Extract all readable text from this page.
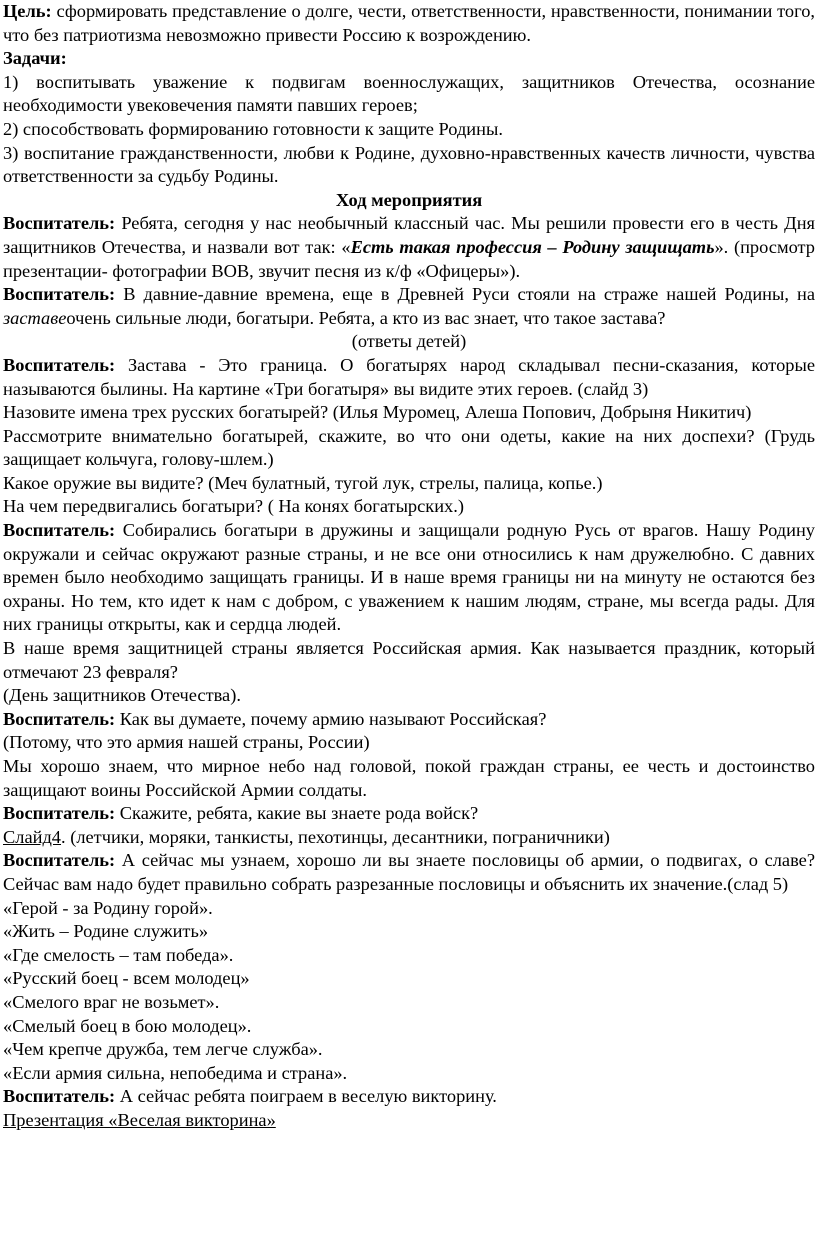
Цель: сформировать представление о долге, чести, ответственности, нравственности, понимании того, что без патриотизма невозможно привести Россию к возрождению.

Задачи:

1) воспитывать уважение к подвигам военнослужащих, защитников Отечества, осознание необходимости увековечения памяти павших героев;

2) способствовать формированию готовности к защите Родины.

3) воспитание гражданственности, любви к Родине, духовно-нравственных качеств личности, чувства ответственности за судьбу Родины.

Ход мероприятия

Воспитатель: Ребята, сегодня у нас необычный классный час. Мы решили провести его в честь Дня защитников Отечества, и назвали вот так: «Есть такая профессия – Родину защищать». (просмотр презентации- фотографии ВОВ, звучит песня из к/ф «Офицеры»).

Воспитатель: В давние-давние времена, еще в Древней Руси стояли на страже нашей Родины, на заставеочень сильные люди, богатыри. Ребята, а кто из вас знает, что такое застава?

(ответы детей)

Воспитатель: Застава - Это граница. О богатырях народ складывал песни-сказания, которые называются былины. На картине «Три богатыря» вы видите этих героев. (слайд 3)

Назовите имена трех русских богатырей? (Илья Муромец, Алеша Попович, Добрыня Никитич)

Рассмотрите внимательно богатырей, скажите, во что они одеты, какие на них доспехи? (Грудь защищает кольчуга, голову-шлем.)

Какое оружие вы видите? (Меч булатный, тугой лук, стрелы, палица, копье.)

На чем передвигались богатыри? ( На конях богатырских.)

Воспитатель: Собирались богатыри в дружины и защищали родную Русь от врагов. Нашу Родину окружали и сейчас окружают разные страны, и не все они относились к нам дружелюбно. С давних времен было необходимо защищать границы. И в наше время границы ни на минуту не остаются без охраны. Но тем, кто идет к нам с добром, с уважением к нашим людям, стране, мы всегда рады. Для них границы открыты, как и сердца людей.

В наше время защитницей страны является Российская армия. Как называется праздник, который отмечают 23 февраля?

(День защитников Отечества).

Воспитатель: Как вы думаете, почему армию называют Российская?

(Потому, что это армия нашей страны, России)

Мы хорошо знаем, что мирное небо над головой, покой граждан страны, ее честь и достоинство защищают воины Российской Армии солдаты.

Воспитатель: Скажите, ребята, какие вы знаете рода войск?

Слайд4. (летчики, моряки, танкисты, пехотинцы, десантники, пограничники)

Воспитатель: А сейчас мы узнаем, хорошо ли вы знаете пословицы об армии, о подвигах, о славе? Сейчас вам надо будет правильно собрать разрезанные пословицы и объяснить их значение.(слад 5)

«Герой - за Родину горой».

«Жить – Родине служить»

«Где смелость – там победа».

«Русский боец - всем молодец»

«Смелого враг не возьмет».

«Смелый боец в бою молодец».

«Чем крепче дружба, тем легче служба».

«Если армия сильна, непобедима и страна».

Воспитатель: А сейчас ребята поиграем в веселую викторину.

Презентация «Веселая викторина»
